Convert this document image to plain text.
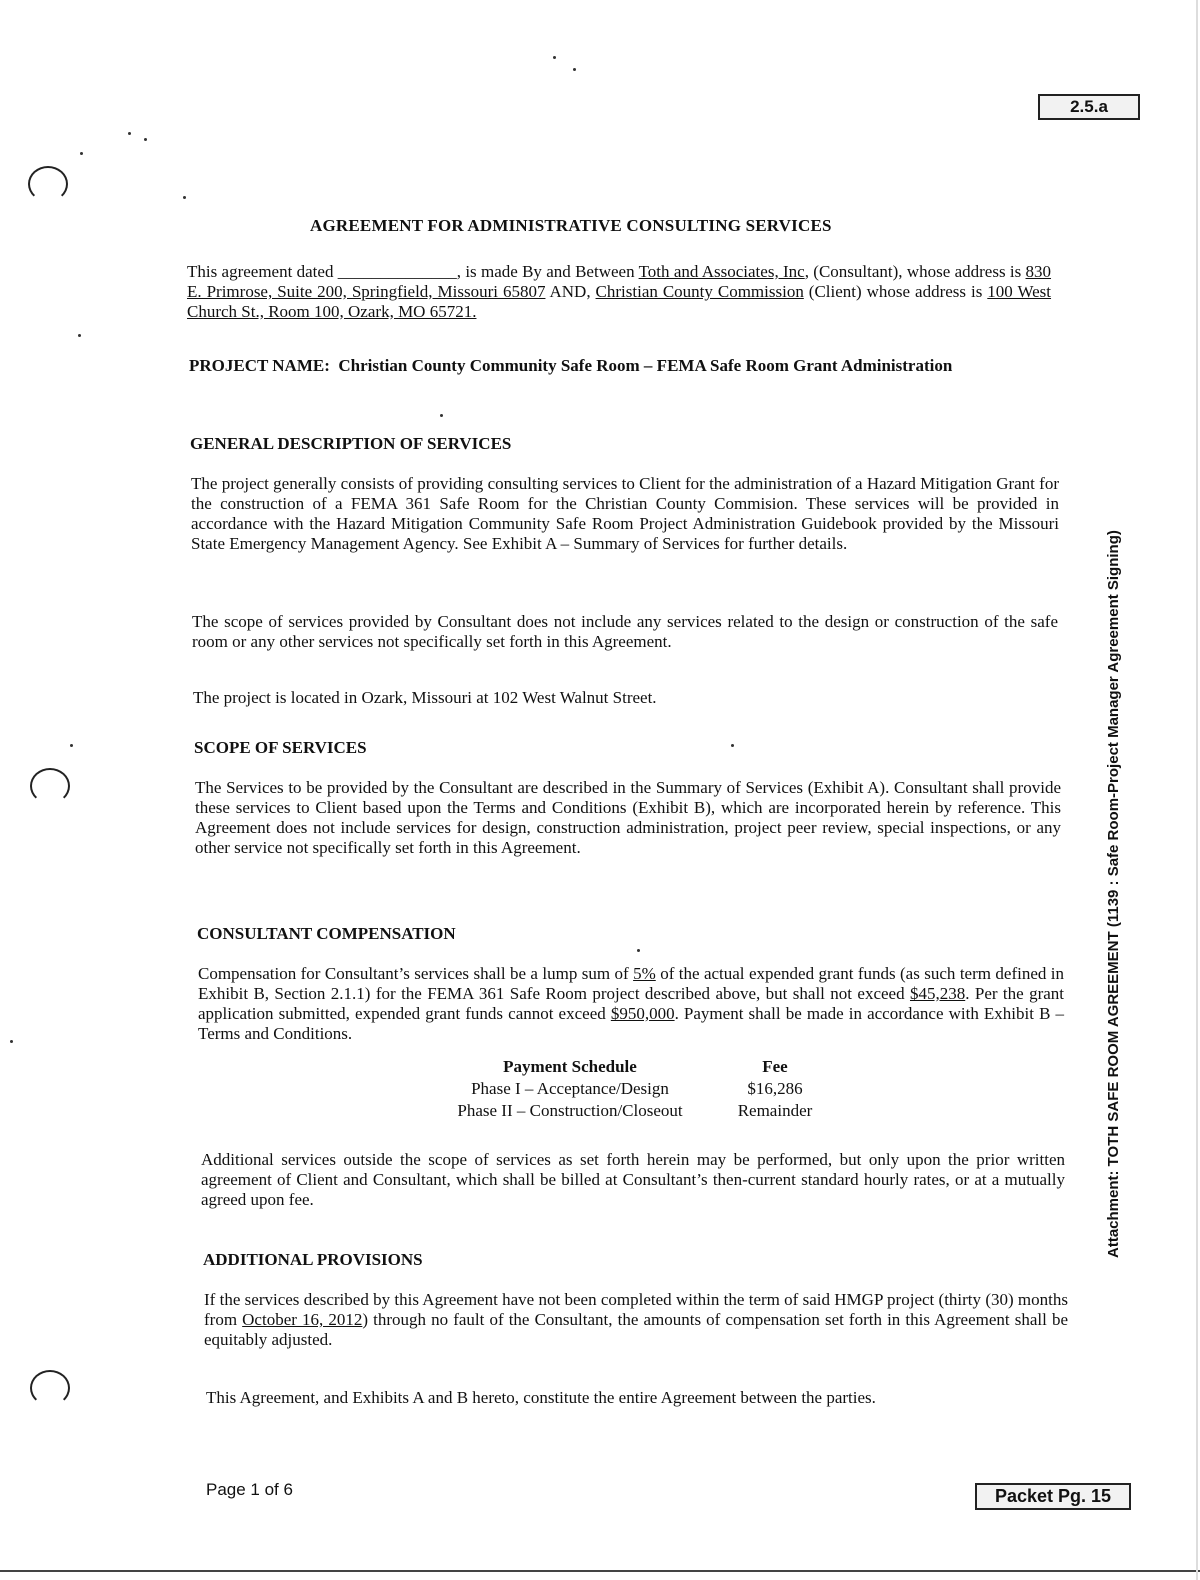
2.5.a
AGREEMENT FOR ADMINISTRATIVE CONSULTING SERVICES
This agreement dated ______________, is made By and Between Toth and Associates, Inc, (Consultant), whose address is 830 E. Primrose, Suite 200, Springfield, Missouri 65807 AND, Christian County Commission (Client) whose address is 100 West Church St., Room 100, Ozark, MO 65721.
PROJECT NAME: Christian County Community Safe Room – FEMA Safe Room Grant Administration
GENERAL DESCRIPTION OF SERVICES
The project generally consists of providing consulting services to Client for the administration of a Hazard Mitigation Grant for the construction of a FEMA 361 Safe Room for the Christian County Commision. These services will be provided in accordance with the Hazard Mitigation Community Safe Room Project Administration Guidebook provided by the Missouri State Emergency Management Agency. See Exhibit A – Summary of Services for further details.
The scope of services provided by Consultant does not include any services related to the design or construction of the safe room or any other services not specifically set forth in this Agreement.
The project is located in Ozark, Missouri at 102 West Walnut Street.
SCOPE OF SERVICES
The Services to be provided by the Consultant are described in the Summary of Services (Exhibit A). Consultant shall provide these services to Client based upon the Terms and Conditions (Exhibit B), which are incorporated herein by reference. This Agreement does not include services for design, construction administration, project peer review, special inspections, or any other service not specifically set forth in this Agreement.
CONSULTANT COMPENSATION
Compensation for Consultant’s services shall be a lump sum of 5% of the actual expended grant funds (as such term defined in Exhibit B, Section 2.1.1) for the FEMA 361 Safe Room project described above, but shall not exceed $45,238. Per the grant application submitted, expended grant funds cannot exceed $950,000. Payment shall be made in accordance with Exhibit B – Terms and Conditions.
Payment Schedule	Fee
Phase I – Acceptance/Design	$16,286
Phase II – Construction/Closeout	Remainder
Additional services outside the scope of services as set forth herein may be performed, but only upon the prior written agreement of Client and Consultant, which shall be billed at Consultant’s then-current standard hourly rates, or at a mutually agreed upon fee.
ADDITIONAL PROVISIONS
If the services described by this Agreement have not been completed within the term of said HMGP project (thirty (30) months from October 16, 2012) through no fault of the Consultant, the amounts of compensation set forth in this Agreement shall be equitably adjusted.
This Agreement, and Exhibits A and B hereto, constitute the entire Agreement between the parties.
Attachment: TOTH SAFE ROOM AGREEMENT (1139 : Safe Room-Project Manager Agreement Signing)
Page 1 of 6	Packet Pg. 15
